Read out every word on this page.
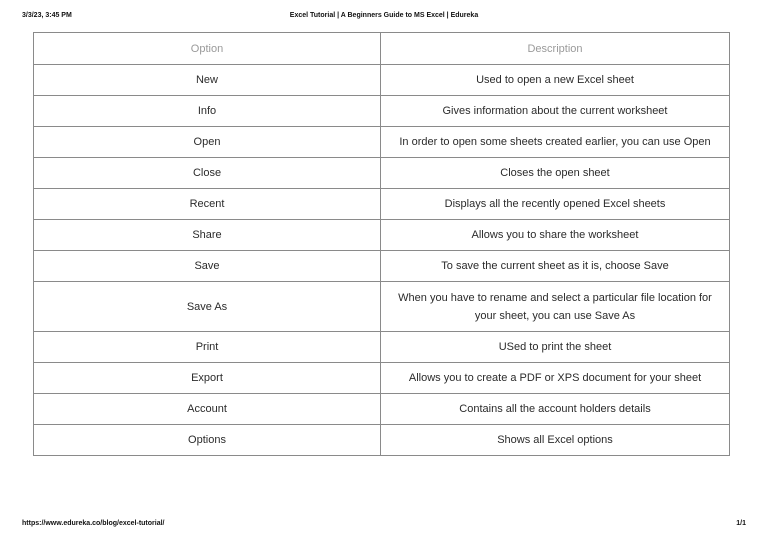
3/3/23, 3:45 PM	Excel Tutorial | A Beginners Guide to MS Excel | Edureka
Option	Description
New	Used to open a new Excel sheet
Info	Gives information about the current worksheet
Open	In order to open some sheets created earlier, you can use Open
Close	Closes the open sheet
Recent	Displays all the recently opened Excel sheets
Share	Allows you to share the worksheet
Save	To save the current sheet as it is, choose Save
Save As	When you have to rename and select a particular file location for your sheet, you can use Save As
Print	USed to print the sheet
Export	Allows you to create a PDF or XPS document for your sheet
Account	Contains all the account holders details
Options	Shows all Excel options
https://www.edureka.co/blog/excel-tutorial/	1/1
